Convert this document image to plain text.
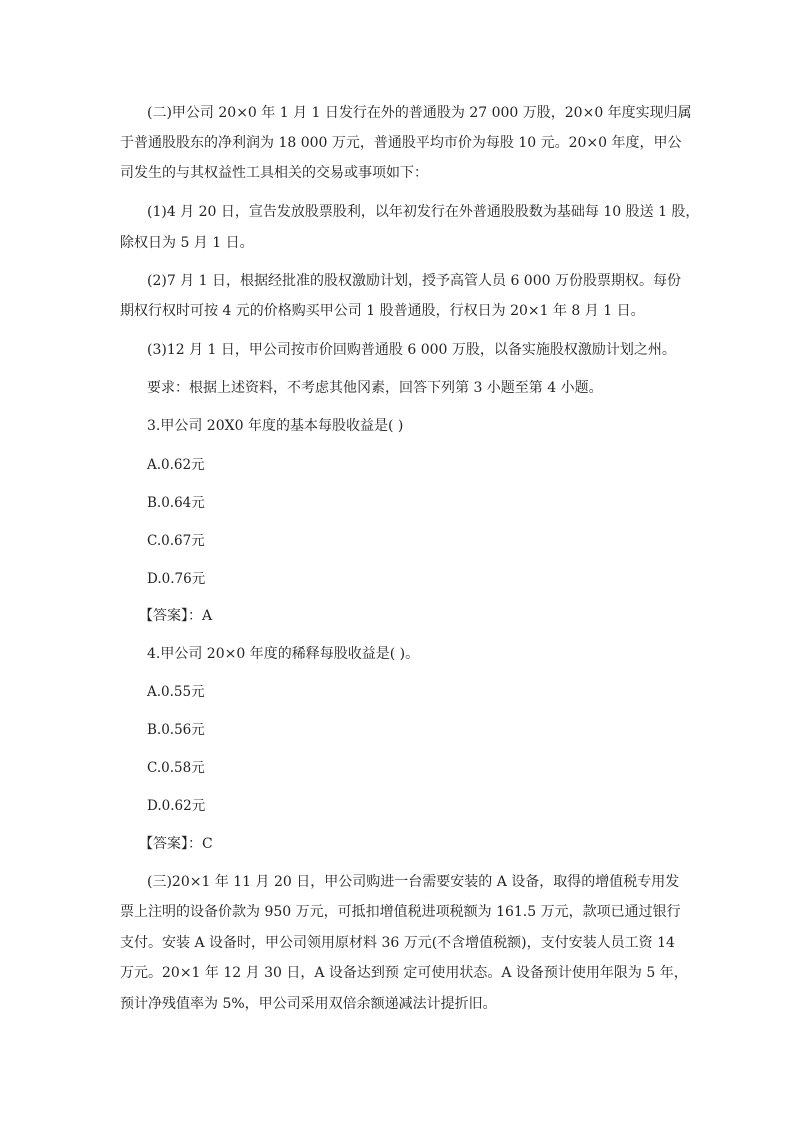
(二)甲公司 20×0 年 1 月 1 日发行在外的普通股为 27 000 万股，20×0 年度实现归属
于普通股股东的净利润为 18 000 万元，普通股平均市价为每股 10 元。20×0 年度，甲公
司发生的与其权益性工具相关的交易或事项如下：
(1)4 月 20 日，宣告发放股票股利，以年初发行在外普通股股数为基础每 10 股送 1 股，
除权日为 5 月 1 日。
(2)7 月 1 日，根据经批准的股权激励计划，授予高管人员 6 000 万份股票期权。每份
期权行权时可按 4 元的价格购买甲公司 1 股普通股，行权日为 20×1 年 8 月 1 日。
(3)12 月 1 日，甲公司按市价回购普通股 6 000 万股，以备实施股权激励计划之州。
要求：根据上述资料，不考虑其他冈素，回答下列第 3 小题至第 4 小题。
3.甲公司 20X0 年度的基本每股收益是( )
A.0.62元
B.0.64元
C.0.67元
D.0.76元
【答案】：A
4.甲公司 20×0 年度的稀释每股收益是( )。
A.0.55元
B.0.56元
C.0.58元
D.0.62元
【答案】：C
(三)20×1 年 11 月 20 日，甲公司购进一台需要安装的 A 设备，取得的增值税专用发
票上注明的设备价款为 950 万元，可抵扣增值税进项税额为 161.5 万元，款项已通过银行
支付。安装 A 设备时，甲公司领用原材料 36 万元(不含增值税额)，支付安装人员工资 14
万元。20×1 年 12 月 30 日，A 设备达到预 定可使用状态。A 设备预计使用年限为 5 年，
预计净残值率为 5%，甲公司采用双倍余额递减法计提折旧。
